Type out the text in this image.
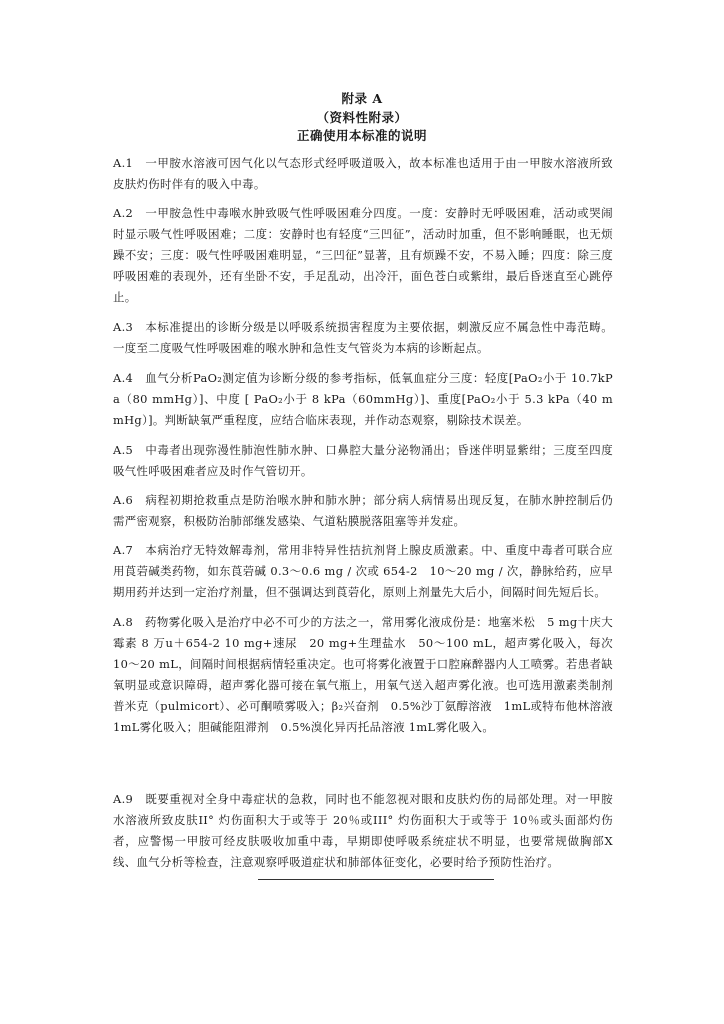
附录 A
（资料性附录）
正确使用本标准的说明
A.1　一甲胺水溶液可因气化以气态形式经呼吸道吸入，故本标准也适用于由一甲胺水溶液所致皮肤灼伤时伴有的吸入中毒。
A.2　一甲胺急性中毒喉水肿致吸气性呼吸困难分四度。一度：安静时无呼吸困难，活动或哭闹时显示吸气性呼吸困难；二度：安静时也有轻度“三凹征”，活动时加重，但不影响睡眠，也无烦躁不安；三度：吸气性呼吸困难明显，“三凹征”显著，且有烦躁不安，不易入睡；四度：除三度呼吸困难的表现外，还有坐卧不安，手足乱动，出冷汗，面色苍白或紫绀，最后昏迷直至心跳停止。
A.3　本标准提出的诊断分级是以呼吸系统损害程度为主要依据，刺激反应不属急性中毒范畴。一度至二度吸气性呼吸困难的喉水肿和急性支气管炎为本病的诊断起点。
A.4　血气分析PaO₂测定值为诊断分级的参考指标，低氧血症分三度：轻度[PaO₂小于 10.7kPa（80 mmHg）]、中度 [ PaO₂小于 8 kPa（60mmHg）]、重度[PaO₂小于 5.3 kPa（40 mmHg）]。判断缺氧严重程度，应结合临床表现，并作动态观察，剔除技术误差。
A.5　中毒者出现弥漫性肺泡性肺水肿、口鼻腔大量分泌物涌出；昏迷伴明显紫绀；三度至四度吸气性呼吸困难者应及时作气管切开。
A.6　病程初期抢救重点是防治喉水肿和肺水肿；部分病人病情易出现反复，在肺水肿控制后仍需严密观察，积极防治肺部继发感染、气道粘膜脱落阻塞等并发症。
A.7　本病治疗无特效解毒剂，常用非特异性拮抗剂肾上腺皮质激素。中、重度中毒者可联合应用莨菪碱类药物，如东莨菪碱 0.3～0.6 mg / 次或 654-2　10～20 mg / 次，静脉给药，应早期用药并达到一定治疗剂量，但不强调达到莨菪化，原则上剂量先大后小，间隔时间先短后长。
A.8　药物雾化吸入是治疗中必不可少的方法之一，常用雾化液成份是：地塞米松　5 mg十庆大霉素 8 万u＋654-2 10 mg+速尿　20 mg+生理盐水　50～100 mL，超声雾化吸入，每次　10～20 mL，间隔时间根据病情轻重决定。也可将雾化液置于口腔麻醉器内人工喷雾。若患者缺氧明显或意识障碍，超声雾化器可接在氧气瓶上，用氧气送入超声雾化液。也可选用激素类制剂普米克（pulmicort）、必可酮喷雾吸入；β₂兴奋剂　0.5%沙丁氨醇溶液　1mL或特布他林溶液　1mL雾化吸入；胆碱能阻滞剂　0.5%溴化异丙托品溶液 1mL雾化吸入。
A.9　既要重视对全身中毒症状的急救，同时也不能忽视对眼和皮肤灼伤的局部处理。对一甲胺水溶液所致皮肤II° 灼伤面积大于或等于 20％或III° 灼伤面积大于或等于 10％或头面部灼伤者，应警惕一甲胺可经皮肤吸收加重中毒，早期即使呼吸系统症状不明显，也要常规做胸部X线、血气分析等检查，注意观察呼吸道症状和肺部体征变化，必要时给予预防性治疗。
